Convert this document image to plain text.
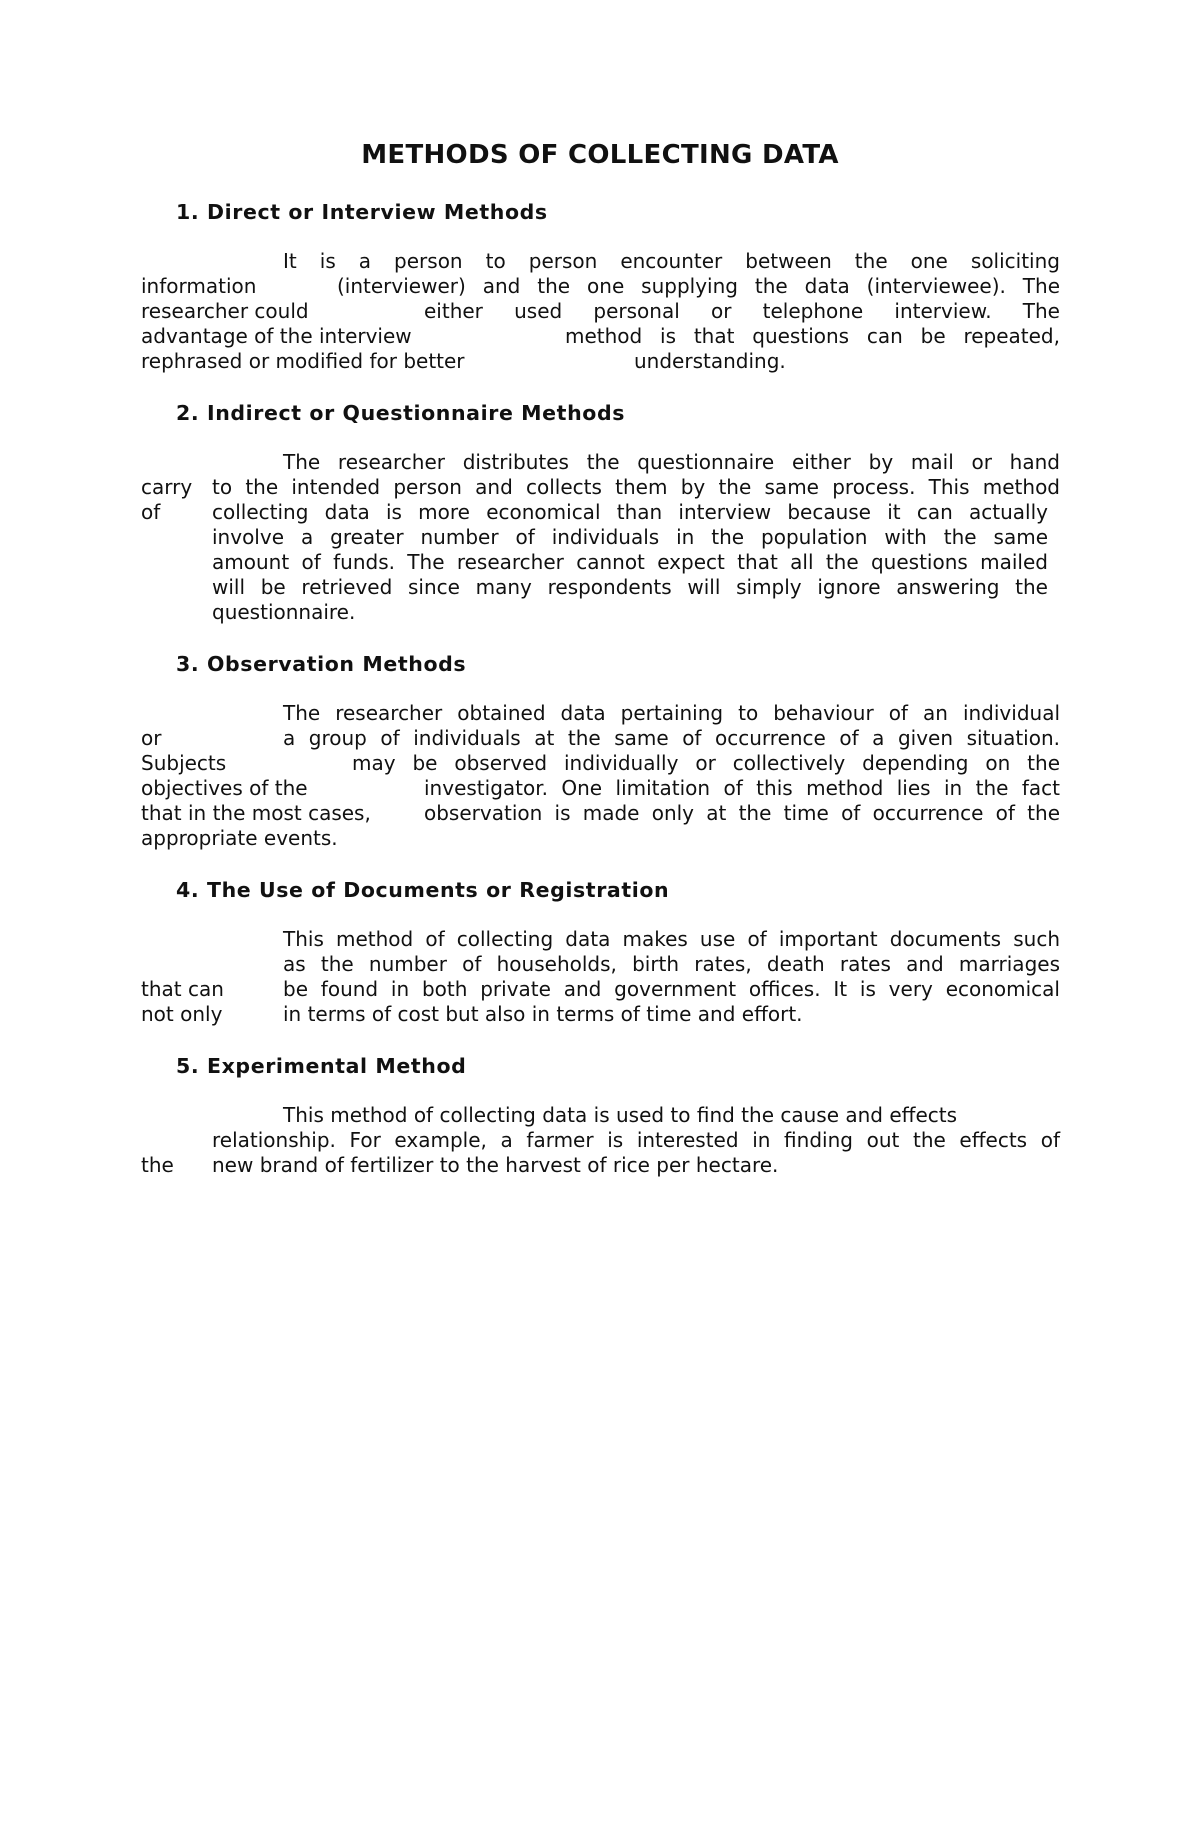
METHODS OF COLLECTING DATA
1. Direct or Interview Methods
It is a person to person encounter between the one soliciting
information	(interviewer) and the one supplying the data (interviewee). The
researcher could	either used personal or telephone interview. The
advantage of the interview	method is that questions can be repeated,
rephrased or modified for better	understanding.
2. Indirect or Questionnaire Methods
The researcher distributes the questionnaire either by mail or hand
carry to the intended person and collects them by the same process. This method
of	collecting data is more economical than interview because it can actually
involve a greater number of individuals in the population with the same
amount of funds. The researcher cannot expect that all the questions mailed
will be retrieved since many respondents will simply ignore answering the
questionnaire.
3. Observation Methods
The researcher obtained data pertaining to behaviour of an individual
or	a group of individuals at the same of occurrence of a given situation.
Subjects	may be observed individually or collectively depending on the
objectives of the	investigator. One limitation of this method lies in the fact
that in the most cases,	observation is made only at the time of occurrence of the
appropriate events.
4. The Use of Documents or Registration
This method of collecting data makes use of important documents such
as the number of households, birth rates, death rates and marriages
that can	be found in both private and government offices. It is very economical
not only	in terms of cost but also in terms of time and effort.
5. Experimental Method
This method of collecting data is used to find the cause and effects
relationship. For example, a farmer is interested in finding out the effects of
the new brand of fertilizer to the harvest of rice per hectare.
